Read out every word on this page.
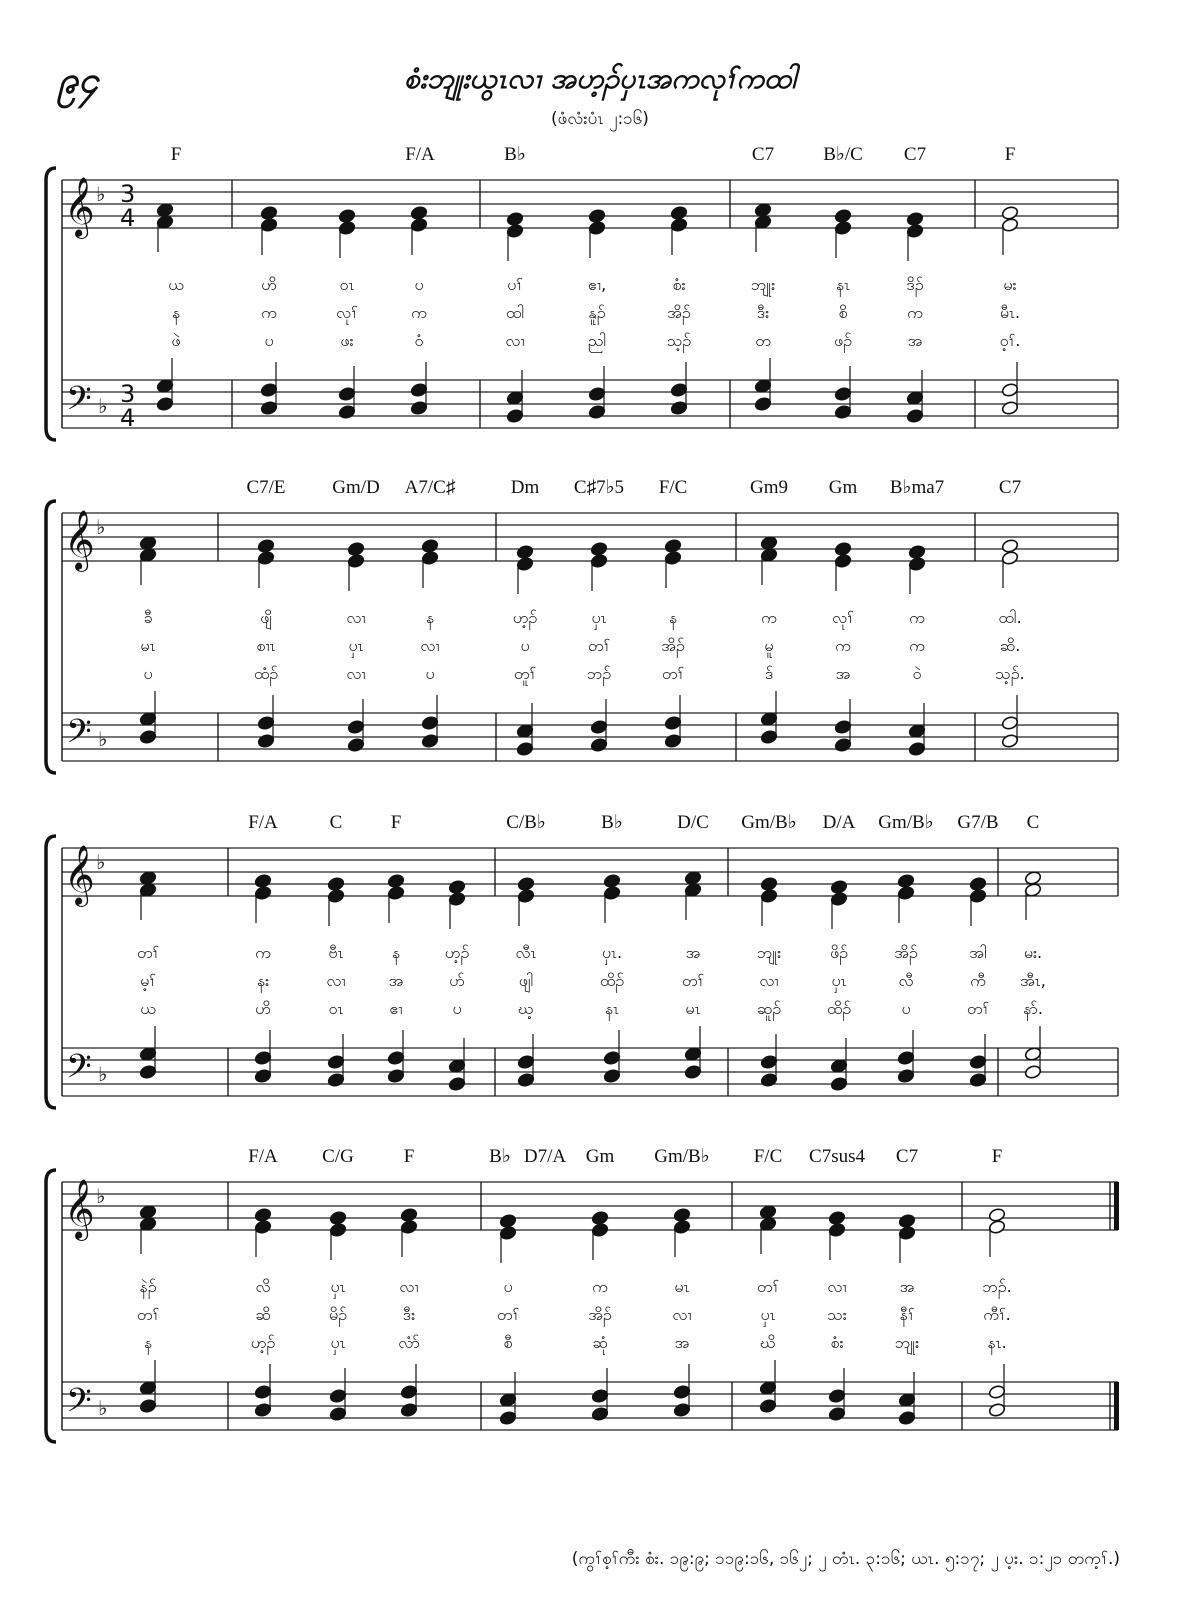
၉၄	စံးဘျုးယွၤလၢ အဟ့ၣ်ပှၤအကလုၢ်ကထါ
(ဖံလံးပံၤ ၂:၁၆)
𝄞
𝄢
♭
♭
3
4
3
4
F	F/A	B♭	C7	B♭/C C7	F
ယ	ဟိ	ဝၤ	ပ	ပၢ်	ဧၢ,	စံး	ဘျုး	နၤ	ဒိၣ်	မး
န	က	လုၢ်	က	ထါ	နူၣ်	အိၣ်	ဒီး	စိ	က	မီၤ.
ဖဲ	ပ	ဖး	ဝံ	လၢ	ညါ	သ့ၣ်	တ	ဖၣ်	အ	ဝ့ၢ်.
𝄞
𝄢
♭
♭
C7/E Gm/D A7/C♯	Dm C♯7♭5 F/C	Gm9 Gm B♭ma7	C7
ခီ	ဖျိ	လၢ	န	ဟ့ၣ်	ပှၤ	န	က	လုၢ်	က	ထါ.
မၤ	စၢၤ	ပှၤ	လၢ	ပ	တၢ်	အိၣ်	မူ	က	က	ဆိ.
ပ	ထံၣ်	လၢ	ပ	တူၢ်	ဘၣ်	တၢ်	ဒ်	အ	ဝဲ	သ့ၣ်.
𝄞
𝄢
♭
♭
F/A	C	F	C/B♭	B♭	D/C Gm/B♭ D/A Gm/B♭ G7/B C
တၢ်	က	ဗီၤ	န	ဟ့ၣ်	လီၤ	ပှၤ.	အ	ဘျုး	ဖိၣ်	အိၣ်	အါ မး.
မ့ၢ်	နး	လၢ	အ	ပာ်	ဖျါ	ထိၣ်	တၢ်	လၢ	ပှၤ	လီ	ကီ အီၤ,
ယ	ဟိ	ဝၤ	ဧၢ	ပ	ဃ့	နၤ	မၤ	ဆူၣ်	ထိၣ်	ပ	တၢ် နာ်.
𝄞
𝄢
♭
♭
F/A C/G	F	B♭ D7/A Gm Gm/B♭ F/C C7sus4 C7	F
နဲၣ်	လိ	ပှၤ	လၢ	ပ	က	မၤ	တၢ်	လၢ	အ	ဘၣ်.
တၢ်	ဆိ	မိၣ်	ဒီး	တၢ်	အိၣ်	လၢ	ပှၤ	သး	နီၢ်	ကီၢ်.
န	ဟ့ၣ်	ပှၤ	လံာ်	စီ	ဆုံ	အ	ဃိ	စံး	ဘျုး	နၤ.
(ကွၢ်စ့ၢ်ကီး စံး. ၁၉:၉; ၁၁၉:၁၆, ၁၆၂; ၂ တံၤ. ၃:၁၆; ယၤ. ၅:၁၇; ၂ ပ့း. ၁:၂၁ တက့ၢ်.)
